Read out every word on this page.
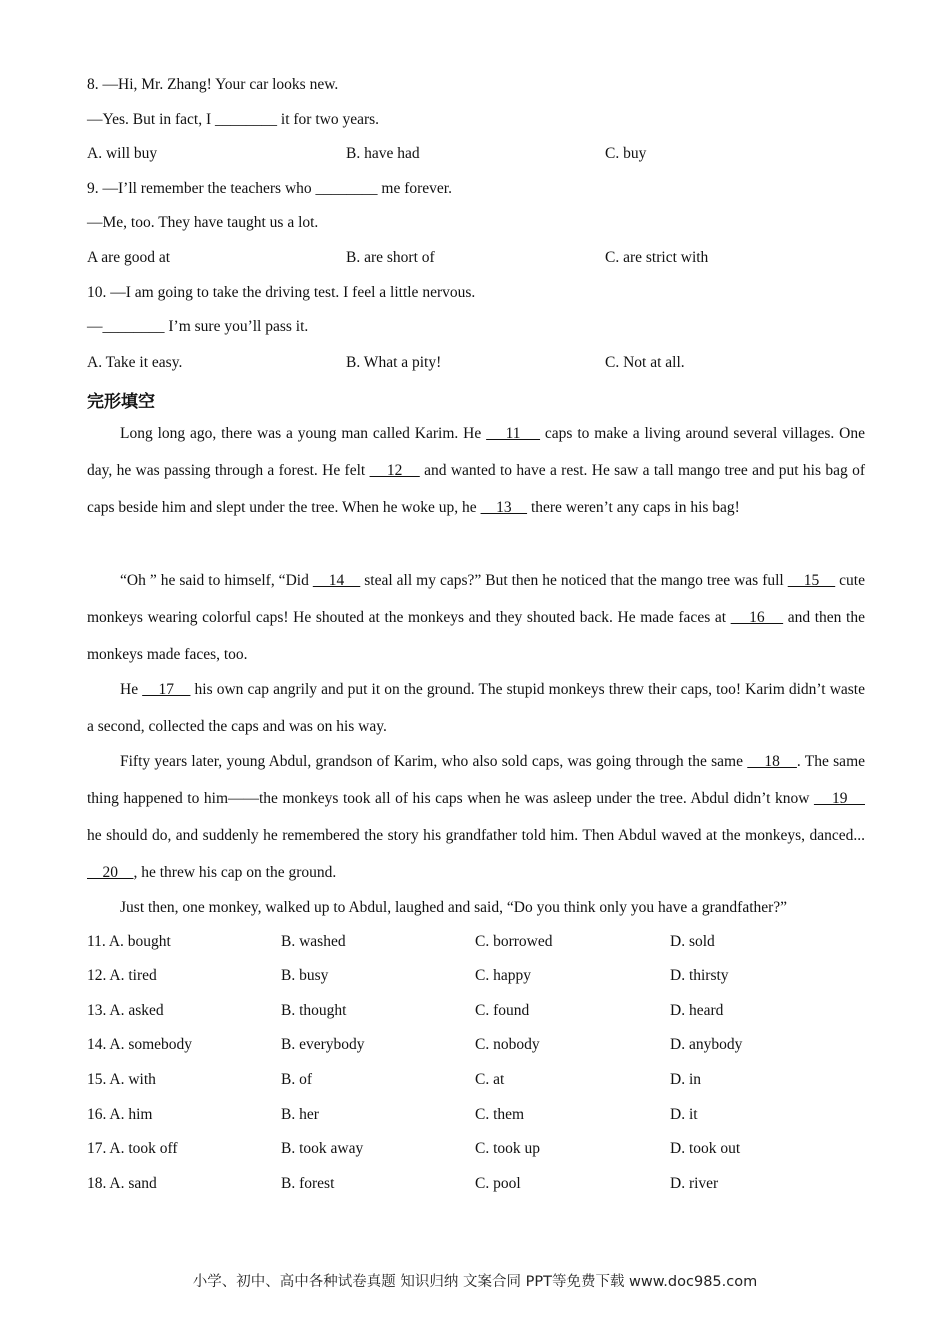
8. —Hi, Mr. Zhang! Your car looks new.
—Yes. But in fact, I ________ it for two years.
A. will buy	B. have had	C. buy
9. —I’ll remember the teachers who ________ me forever.
—Me, too. They have taught us a lot.
A are good at	B. are short of	C. are strict with
10. —I am going to take the driving test. I feel a little nervous.
—________ I’m sure you’ll pass it.
A. Take it easy.	B. What a pity!	C. Not at all.
完形填空
Long long ago, there was a young man called Karim. He     11     caps to make a living around several villages. One day, he was passing through a forest. He felt     12     and wanted to have a rest. He saw a tall mango tree and put his bag of caps beside him and slept under the tree. When he woke up, he     13     there weren’t any caps in his bag!
“Oh ” he said to himself, “Did     14     steal all my caps?” But then he noticed that the mango tree was full     15     cute monkeys wearing colorful caps! He shouted at the monkeys and they shouted back. He made faces at     16     and then the monkeys made faces, too.
He     17     his own cap angrily and put it on the ground. The stupid monkeys threw their caps, too! Karim didn’t waste a second, collected the caps and was on his way.
Fifty years later, young Abdul, grandson of Karim, who also sold caps, was going through the same     18    . The same thing happened to him——the monkeys took all of his caps when he was asleep under the tree. Abdul didn’t know     19     he should do, and suddenly he remembered the story his grandfather told him. Then Abdul waved at the monkeys, danced...    20    , he threw his cap on the ground.
Just then, one monkey, walked up to Abdul, laughed and said, “Do you think only you have a grandfather?”
11. A. bought	B. washed	C. borrowed	D. sold
12. A. tired	B. busy	C. happy	D. thirsty
13. A. asked	B. thought	C. found	D. heard
14. A. somebody	B. everybody	C. nobody	D. anybody
15. A. with	B. of	C. at	D. in
16. A. him	B. her	C. them	D. it
17. A. took off	B. took away	C. took up	D. took out
18. A. sand	B. forest	C. pool	D. river
小学、初中、高中各种试卷真题 知识归纳 文案合同 PPT等免费下载 www.doc985.com
